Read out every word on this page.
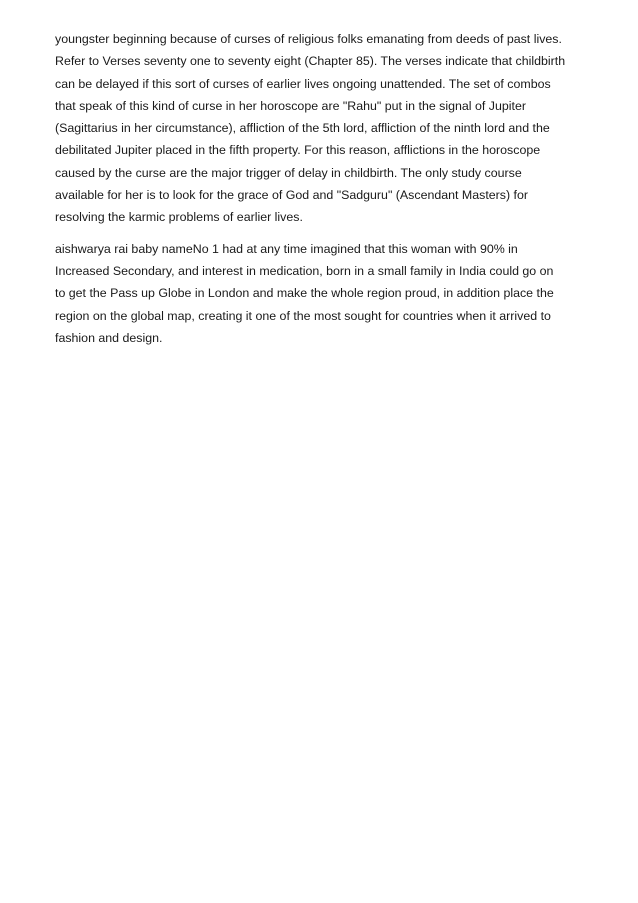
youngster beginning because of curses of religious folks emanating from deeds of past lives.
Refer to Verses seventy one to seventy eight (Chapter 85). The verses indicate that childbirth
can be delayed if this sort of curses of earlier lives ongoing unattended. The set of combos
that speak of this kind of curse in her horoscope are "Rahu" put in the signal of Jupiter
(Sagittarius in her circumstance), affliction of the 5th lord, affliction of the ninth lord and the
debilitated Jupiter placed in the fifth property. For this reason, afflictions in the horoscope
caused by the curse are the major trigger of delay in childbirth. The only study course
available for her is to look for the grace of God and "Sadguru" (Ascendant Masters) for
resolving the karmic problems of earlier lives.

aishwarya rai baby nameNo 1 had at any time imagined that this woman with 90% in
Increased Secondary, and interest in medication, born in a small family in India could go on
to get the Pass up Globe in London and make the whole region proud, in addition place the
region on the global map, creating it one of the most sought for countries when it arrived to
fashion and design.
